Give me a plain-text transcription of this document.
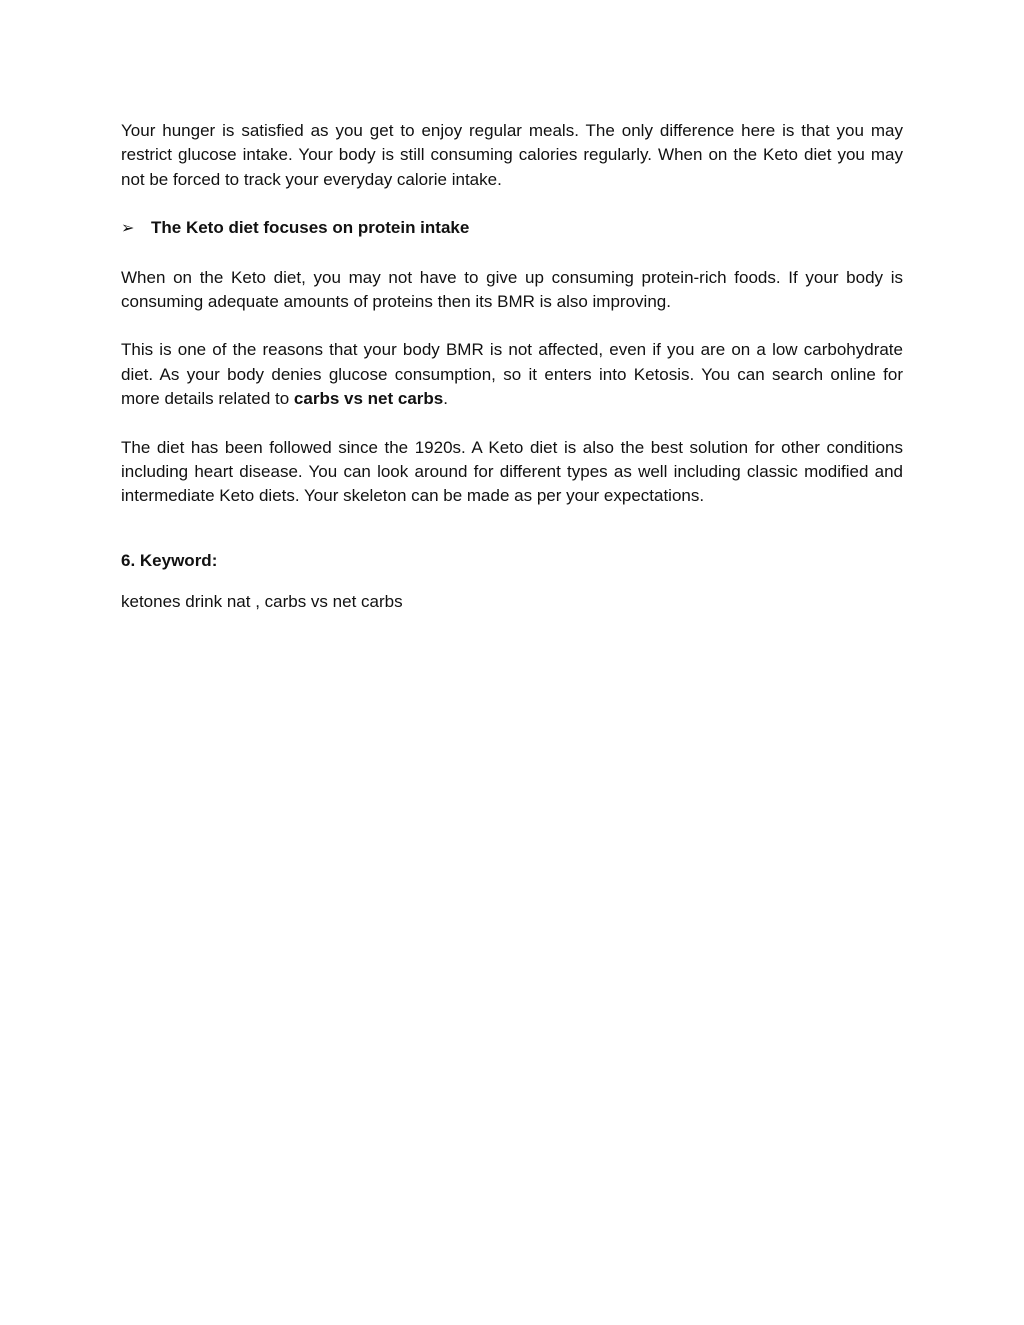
Your hunger is satisfied as you get to enjoy regular meals. The only difference here is that you may restrict glucose intake. Your body is still consuming calories regularly. When on the Keto diet you may not be forced to track your everyday calorie intake.

➢ The Keto diet focuses on protein intake

When on the Keto diet, you may not have to give up consuming protein-rich foods. If your body is consuming adequate amounts of proteins then its BMR is also improving.

This is one of the reasons that your body BMR is not affected, even if you are on a low carbohydrate diet. As your body denies glucose consumption, so it enters into Ketosis. You can search online for more details related to carbs vs net carbs.

The diet has been followed since the 1920s. A Keto diet is also the best solution for other conditions including heart disease. You can look around for different types as well including classic modified and intermediate Keto diets. Your skeleton can be made as per your expectations.

6. Keyword:

ketones drink nat , carbs vs net carbs
